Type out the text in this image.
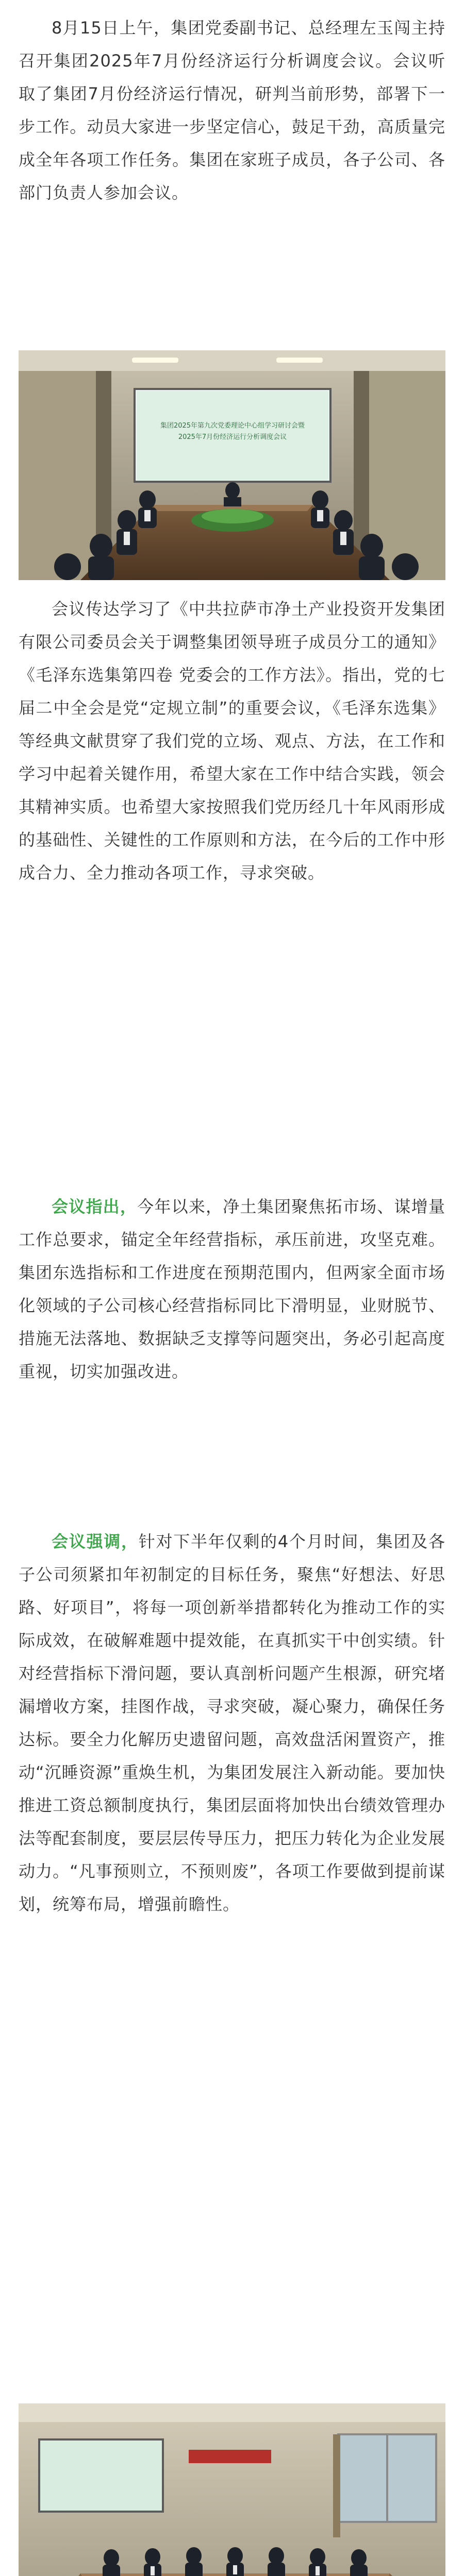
集团2025年第九次党委理论中心组学习研讨会暨
2025年7月份经济运行分析调度会议

8月15日上午，集团党委副书记、总经理左玉闯主持召开集团2025年7月份经济运行分析调度会议。会议听取了集团7月份经济运行情况，研判当前形势，部署下一步工作。动员大家进一步坚定信心，鼓足干劲，高质量完成全年各项工作任务。集团在家班子成员，各子公司、各部门负责人参加会议。

会议传达学习了《中共拉萨市净土产业投资开发集团有限公司委员会关于调整集团领导班子成员分工的通知》《毛泽东选集第四卷 党委会的工作方法》。指出，党的七届二中全会是党“定规立制”的重要会议，《毛泽东选集》等经典文献贯穿了我们党的立场、观点、方法，在工作和学习中起着关键作用，希望大家在工作中结合实践，领会其精神实质。也希望大家按照我们党历经几十年风雨形成的基础性、关键性的工作原则和方法，在今后的工作中形成合力、全力推动各项工作，寻求突破。

会议指出，今年以来，净土集团聚焦拓市场、谋增量工作总要求，锚定全年经营指标，承压前进，攻坚克难。集团东选指标和工作进度在预期范围内，但两家全面市场化领域的子公司核心经营指标同比下滑明显，业财脱节、措施无法落地、数据缺乏支撑等问题突出，务必引起高度重视，切实加强改进。

会议强调，针对下半年仅剩的4个月时间，集团及各子公司须紧扣年初制定的目标任务，聚焦“好想法、好思路、好项目”，将每一项创新举措都转化为推动工作的实际成效，在破解难题中提效能，在真抓实干中创实绩。针对经营指标下滑问题，要认真剖析问题产生根源，研究堵漏增收方案，挂图作战，寻求突破，凝心聚力，确保任务达标。要全力化解历史遗留问题，高效盘活闲置资产，推动“沉睡资源”重焕生机，为集团发展注入新动能。要加快推进工资总额制度执行，集团层面将加快出台绩效管理办法等配套制度，要层层传导压力，把压力转化为企业发展动力。“凡事预则立，不预则废”，各项工作要做到提前谋划，统筹布局，增强前瞻性。
